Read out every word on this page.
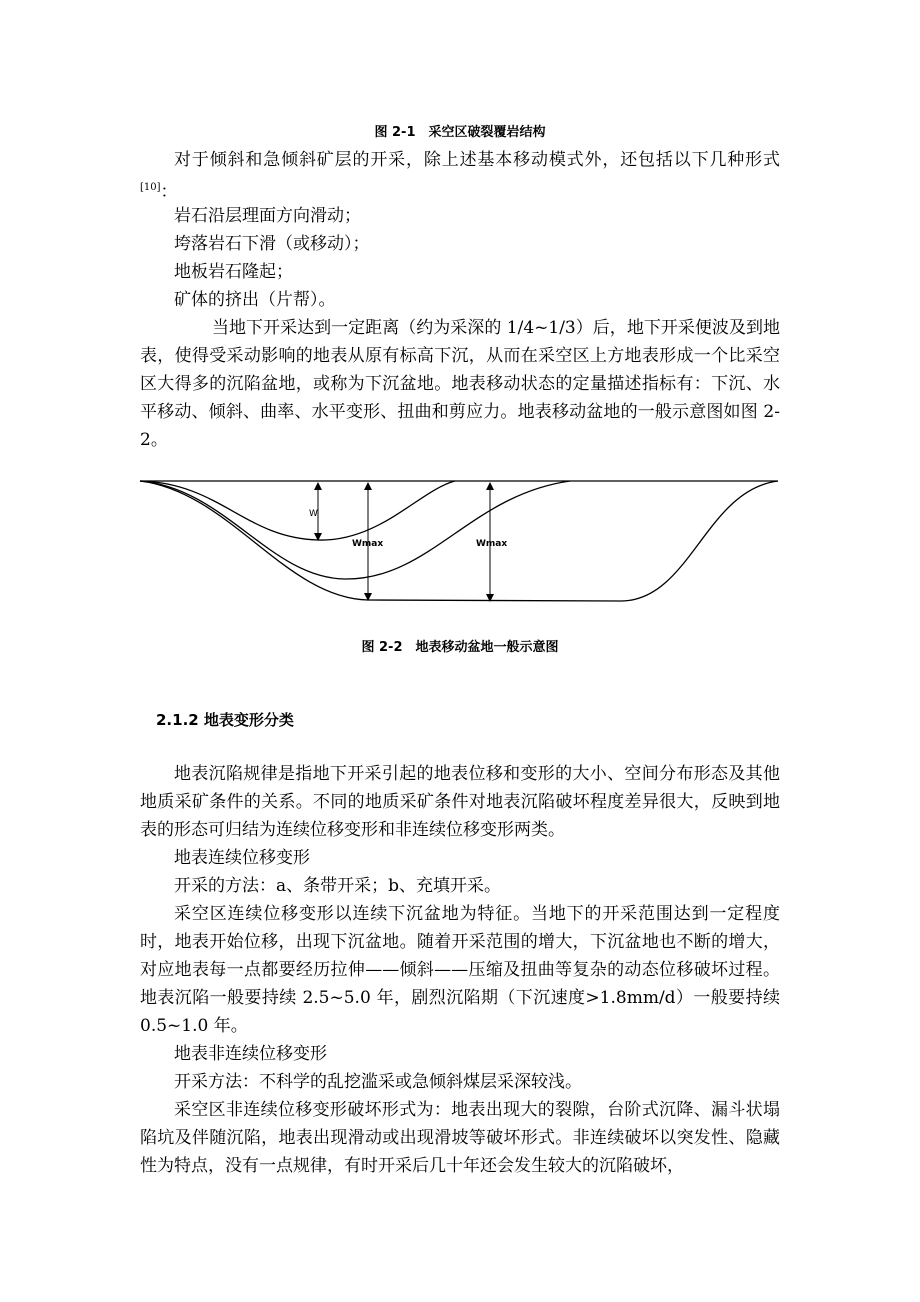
图 2-1　采空区破裂覆岩结构
对于倾斜和急倾斜矿层的开采，除上述基本移动模式外，还包括以下几种形式[10]：
岩石沿层理面方向滑动；
垮落岩石下滑（或移动）；
地板岩石隆起；
矿体的挤出（片帮）。
当地下开采达到一定距离（约为采深的 1/4~1/3）后，地下开采便波及到地表，使得受采动影响的地表从原有标高下沉，从而在采空区上方地表形成一个比采空区大得多的沉陷盆地，或称为下沉盆地。地表移动状态的定量描述指标有：下沉、水平移动、倾斜、曲率、水平变形、扭曲和剪应力。地表移动盆地的一般示意图如图 2-2。
W
Wmax	Wmax
图 2-2　地表移动盆地一般示意图
2.1.2 地表变形分类
地表沉陷规律是指地下开采引起的地表位移和变形的大小、空间分布形态及其他地质采矿条件的关系。不同的地质采矿条件对地表沉陷破坏程度差异很大，反映到地表的形态可归结为连续位移变形和非连续位移变形两类。
地表连续位移变形
开采的方法：a、条带开采；b、充填开采。
采空区连续位移变形以连续下沉盆地为特征。当地下的开采范围达到一定程度时，地表开始位移，出现下沉盆地。随着开采范围的增大，下沉盆地也不断的增大，对应地表每一点都要经历拉伸——倾斜——压缩及扭曲等复杂的动态位移破坏过程。地表沉陷一般要持续 2.5~5.0 年，剧烈沉陷期（下沉速度>1.8mm/d）一般要持续 0.5~1.0 年。
地表非连续位移变形
开采方法：不科学的乱挖滥采或急倾斜煤层采深较浅。
采空区非连续位移变形破坏形式为：地表出现大的裂隙，台阶式沉降、漏斗状塌陷坑及伴随沉陷，地表出现滑动或出现滑坡等破坏形式。非连续破坏以突发性、隐藏性为特点，没有一点规律，有时开采后几十年还会发生较大的沉陷破坏，
